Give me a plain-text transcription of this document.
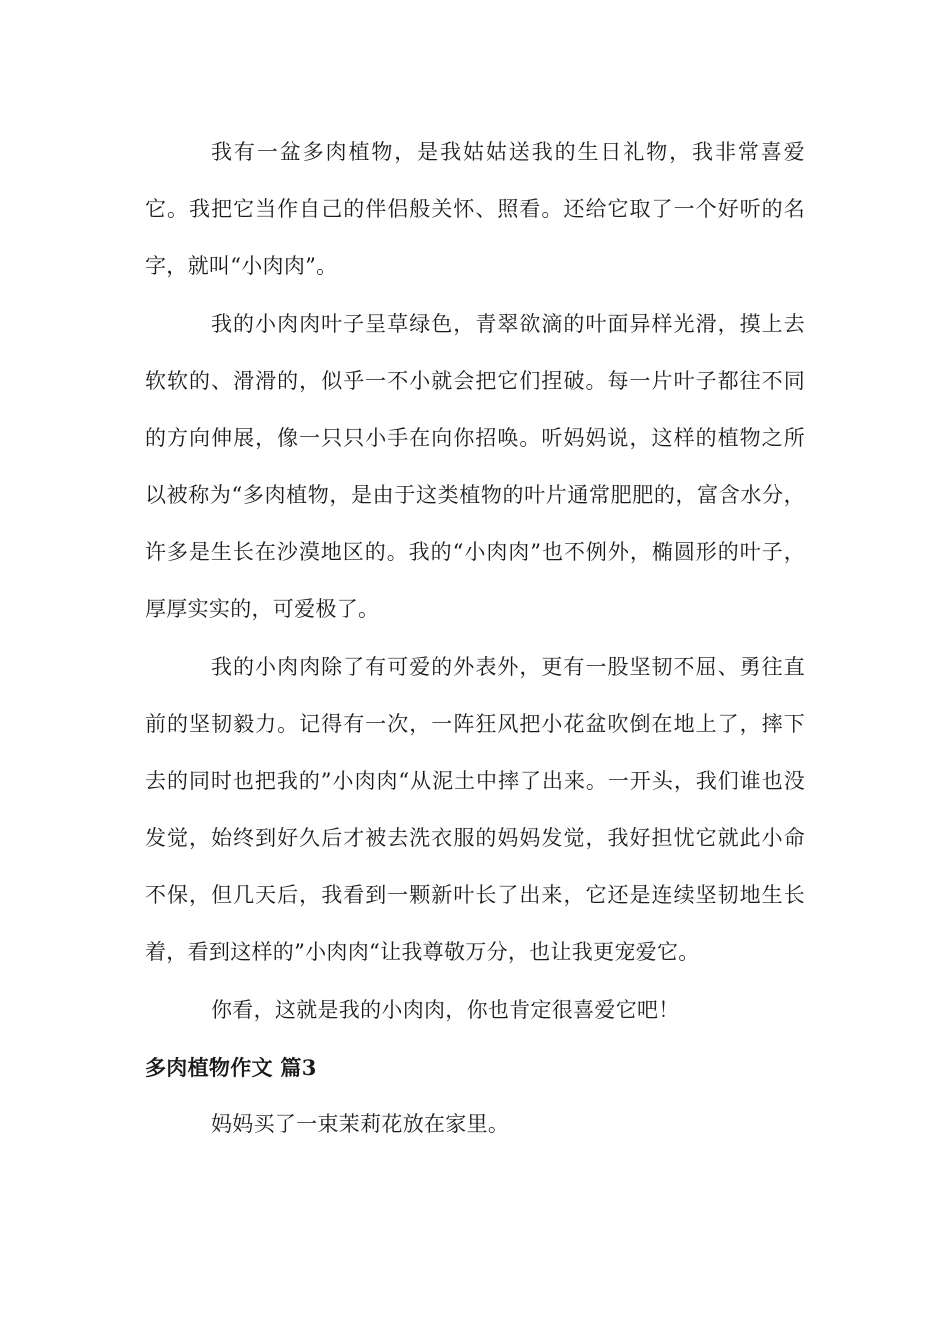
我有一盆多肉植物，是我姑姑送我的生日礼物，我非常喜爱它。我把它当作自己的伴侣般关怀、照看。还给它取了一个好听的名字，就叫“小肉肉”。

我的小肉肉叶子呈草绿色，青翠欲滴的叶面异样光滑，摸上去软软的、滑滑的，似乎一不小就会把它们捏破。每一片叶子都往不同的方向伸展，像一只只小手在向你招唤。听妈妈说，这样的植物之所以被称为“多肉植物，是由于这类植物的叶片通常肥肥的，富含水分，许多是生长在沙漠地区的。我的“小肉肉”也不例外，椭圆形的叶子，厚厚实实的，可爱极了。

我的小肉肉除了有可爱的外表外，更有一股坚韧不屈、勇往直前的坚韧毅力。记得有一次，一阵狂风把小花盆吹倒在地上了，摔下去的同时也把我的”小肉肉“从泥土中摔了出来。一开头，我们谁也没发觉，始终到好久后才被去洗衣服的妈妈发觉，我好担忧它就此小命不保，但几天后，我看到一颗新叶长了出来，它还是连续坚韧地生长着，看到这样的”小肉肉“让我尊敬万分，也让我更宠爱它。

你看，这就是我的小肉肉，你也肯定很喜爱它吧！

多肉植物作文 篇3

妈妈买了一束茉莉花放在家里。
